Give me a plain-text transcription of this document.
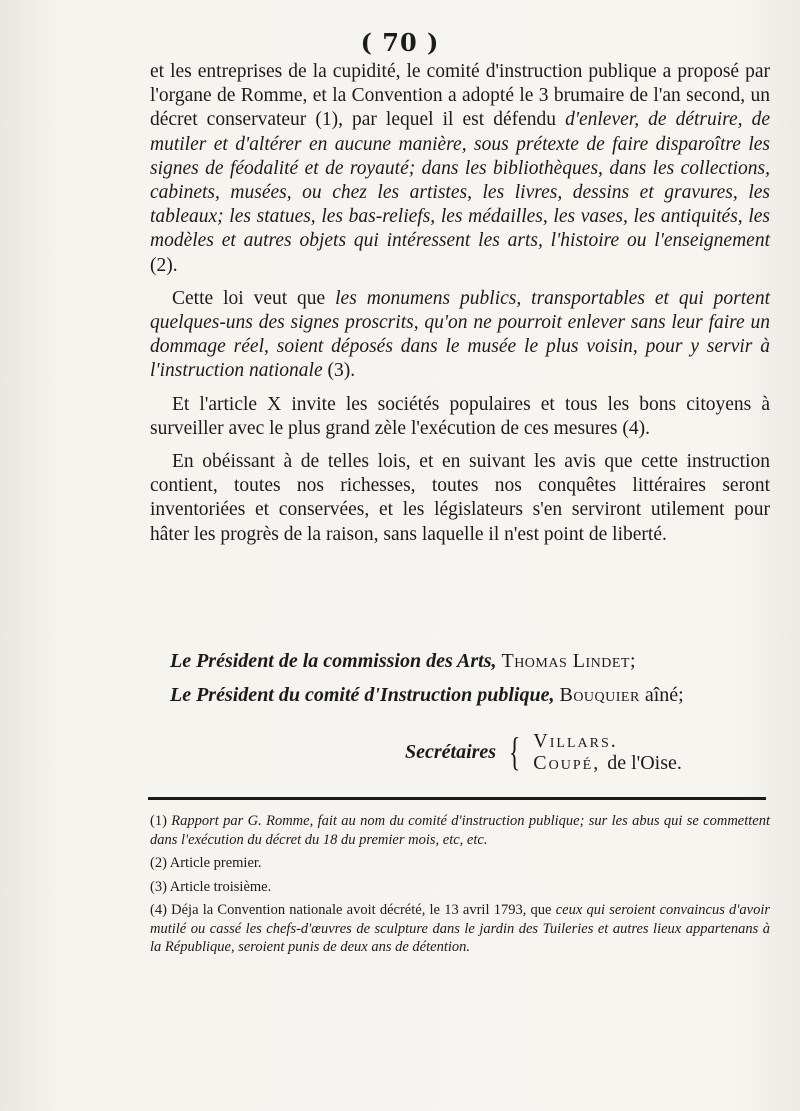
( 70 )

et les entreprises de la cupidité, le comité d'instruction publique a proposé par l'organe de Romme, et la Convention a adopté le 3 brumaire de l'an second, un décret conservateur (1), par lequel il est défendu d'enlever, de détruire, de mutiler et d'altérer en aucune manière, sous prétexte de faire disparoître les signes de féodalité et de royauté; dans les bibliothèques, dans les collections, cabinets, musées, ou chez les artistes, les livres, dessins et gravures, les tableaux; les statues, les bas-reliefs, les médailles, les vases, les antiquités, les modèles et autres objets qui intéressent les arts, l'histoire ou l'enseignement (2).

Cette loi veut que les monumens publics, transportables et qui portent quelques-uns des signes proscrits, qu'on ne pourroit enlever sans leur faire un dommage réel, soient déposés dans le musée le plus voisin, pour y servir à l'instruction nationale (3).

Et l'article X invite les sociétés populaires et tous les bons citoyens à surveiller avec le plus grand zèle l'exécution de ces mesures (4).

En obéissant à de telles lois, et en suivant les avis que cette instruction contient, toutes nos richesses, toutes nos conquêtes littéraires seront inventoriées et conservées, et les législateurs s'en serviront utilement pour hâter les progrès de la raison, sans laquelle il n'est point de liberté.

Le Président de la commission des Arts, Thomas Lindet;
Le Président du comité d'Instruction publique, Bouquier aîné;
Secrétaires { Villars.
Coupé, de l'Oise.

(1) Rapport par G. Romme, fait au nom du comité d'instruction publique; sur les abus qui se commettent dans l'exécution du décret du 18 du premier mois, etc, etc.

(2) Article premier.

(3) Article troisième.

(4) Déja la Convention nationale avoit décrété, le 13 avril 1793, que ceux qui seroient convaincus d'avoir mutilé ou cassé les chefs-d'œuvres de sculpture dans le jardin des Tuileries et autres lieux appartenans à la République, seroient punis de deux ans de détention.
